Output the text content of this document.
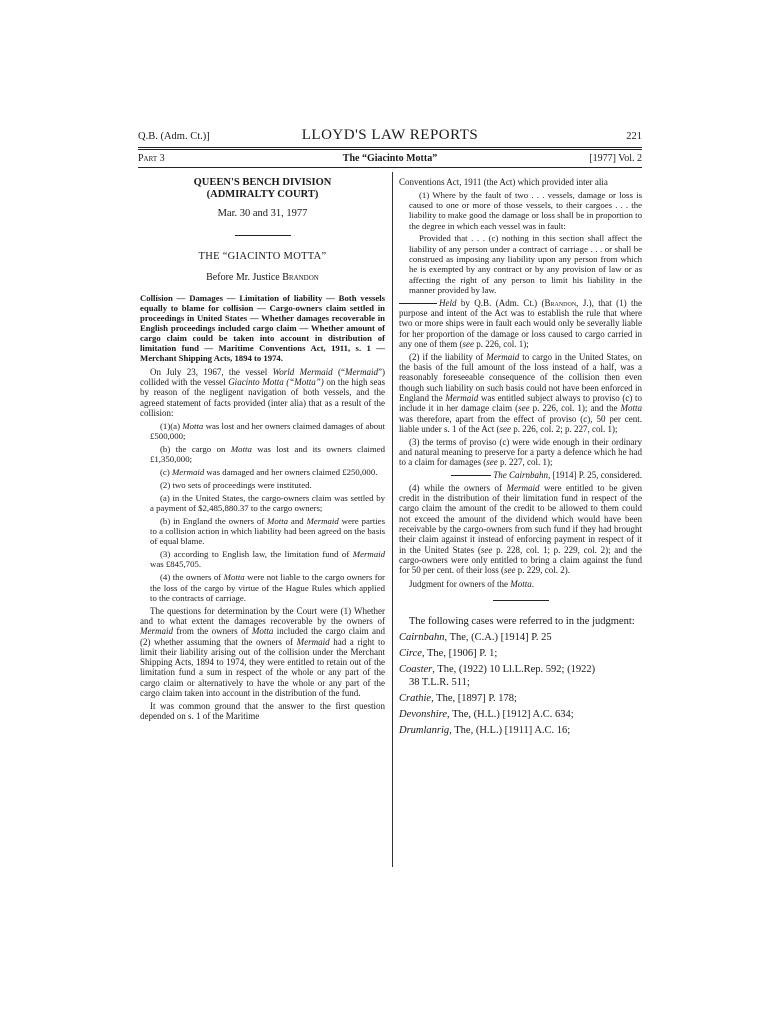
Q.B. (Adm. Ct.)]	LLOYD'S LAW REPORTS	221
Part 3	The “Giacinto Motta”	[1977] Vol. 2
QUEEN'S BENCH DIVISION
(ADMIRALTY COURT)
Mar. 30 and 31, 1977
THE “GIACINTO MOTTA”
Before Mr. Justice Brandon

Collision — Damages — Limitation of liability — Both vessels equally to blame for collision — Cargo-owners claim settled in proceedings in United States — Whether damages recoverable in English proceedings included cargo claim — Whether amount of cargo claim could be taken into account in distribution of limitation fund — Maritime Conventions Act, 1911, s. 1 — Merchant Shipping Acts, 1894 to 1974.

On July 23, 1967, the vessel World Mermaid (“Mermaid”) collided with the vessel Giacinto Motta (“Motta”) on the high seas by reason of the negligent navigation of both vessels, and the agreed statement of facts provided (inter alia) that as a result of the collision:

(1)(a) Motta was lost and her owners claimed damages of about £500,000;

(b) the cargo on Motta was lost and its owners claimed £1,350,000;

(c) Mermaid was damaged and her owners claimed £250,000.

(2) two sets of proceedings were instituted.

(a) in the United States, the cargo-owners claim was settled by a payment of $2,485,880.37 to the cargo owners;

(b) in England the owners of Motta and Mermaid were parties to a collision action in which liability had been agreed on the basis of equal blame.

(3) according to English law, the limitation fund of Mermaid was £845,705.

(4) the owners of Motta were not liable to the cargo owners for the loss of the cargo by virtue of the Hague Rules which applied to the contracts of carriage.

The questions for determination by the Court were (1) Whether and to what extent the damages recoverable by the owners of Mermaid from the owners of Motta included the cargo claim and (2) whether assuming that the owners of Mermaid had a right to limit their liability arising out of the collision under the Merchant Shipping Acts, 1894 to 1974, they were entitled to retain out of the limitation fund a sum in respect of the whole or any part of the cargo claim or alternatively to have the whole or any part of the cargo claim taken into account in the distribution of the fund.

It was common ground that the answer to the first question depended on s. 1 of the Maritime

Conventions Act, 1911 (the Act) which provided inter alia

(1) Where by the fault of two . . . vessels, damage or loss is caused to one or more of those vessels, to their cargoes . . . the liability to make good the damage or loss shall be in proportion to the degree in which each vessel was in fault:

Provided that . . . (c) nothing in this section shall affect the liability of any person under a contract of carriage . . . or shall be construed as imposing any liability upon any person from which he is exempted by any contract or by any provision of law or as affecting the right of any person to limit his liability in the manner provided by law.

Held by Q.B. (Adm. Ct.) (Brandon, J.), that (1) the purpose and intent of the Act was to establish the rule that where two or more ships were in fault each would only be severally liable for her proportion of the damage or loss caused to cargo carried in any one of them (see p. 226, col. 1);

(2) if the liability of Mermaid to cargo in the United States, on the basis of the full amount of the loss instead of a half, was a reasonably foreseeable consequence of the collision then even though such liability on such basis could not have been enforced in England the Mermaid was entitled subject always to proviso (c) to include it in her damage claim (see p. 226, col. 1); and the Motta was therefore, apart from the effect of proviso (c), 50 per cent. liable under s. 1 of the Act (see p. 226, col. 2; p. 227, col. 1);

(3) the terms of proviso (c) were wide enough in their ordinary and natural meaning to preserve for a party a defence which he had to a claim for damages (see p. 227, col. 1);

The Cairnbahn, [1914] P. 25, considered.

(4) while the owners of Mermaid were entitled to be given credit in the distribution of their limitation fund in respect of the cargo claim the amount of the credit to be allowed to them could not exceed the amount of the dividend which would have been receivable by the cargo-owners from such fund if they had brought their claim against it instead of enforcing payment in respect of it in the United States (see p. 228, col. 1; p. 229, col. 2); and the cargo-owners were only entitled to bring a claim against the fund for 50 per cent. of their loss (see p. 229, col. 2).

Judgment for owners of the Motta.

The following cases were referred to in the judgment:

Cairnbahn, The, (C.A.) [1914] P. 25
Circe, The, [1906] P. 1;
Coaster, The, (1922) 10 Ll.L.Rep. 592; (1922)
38 T.L.R. 511;
Crathie, The, [1897] P. 178;
Devonshire, The, (H.L.) [1912] A.C. 634;
Drumlanrig, The, (H.L.) [1911] A.C. 16;
